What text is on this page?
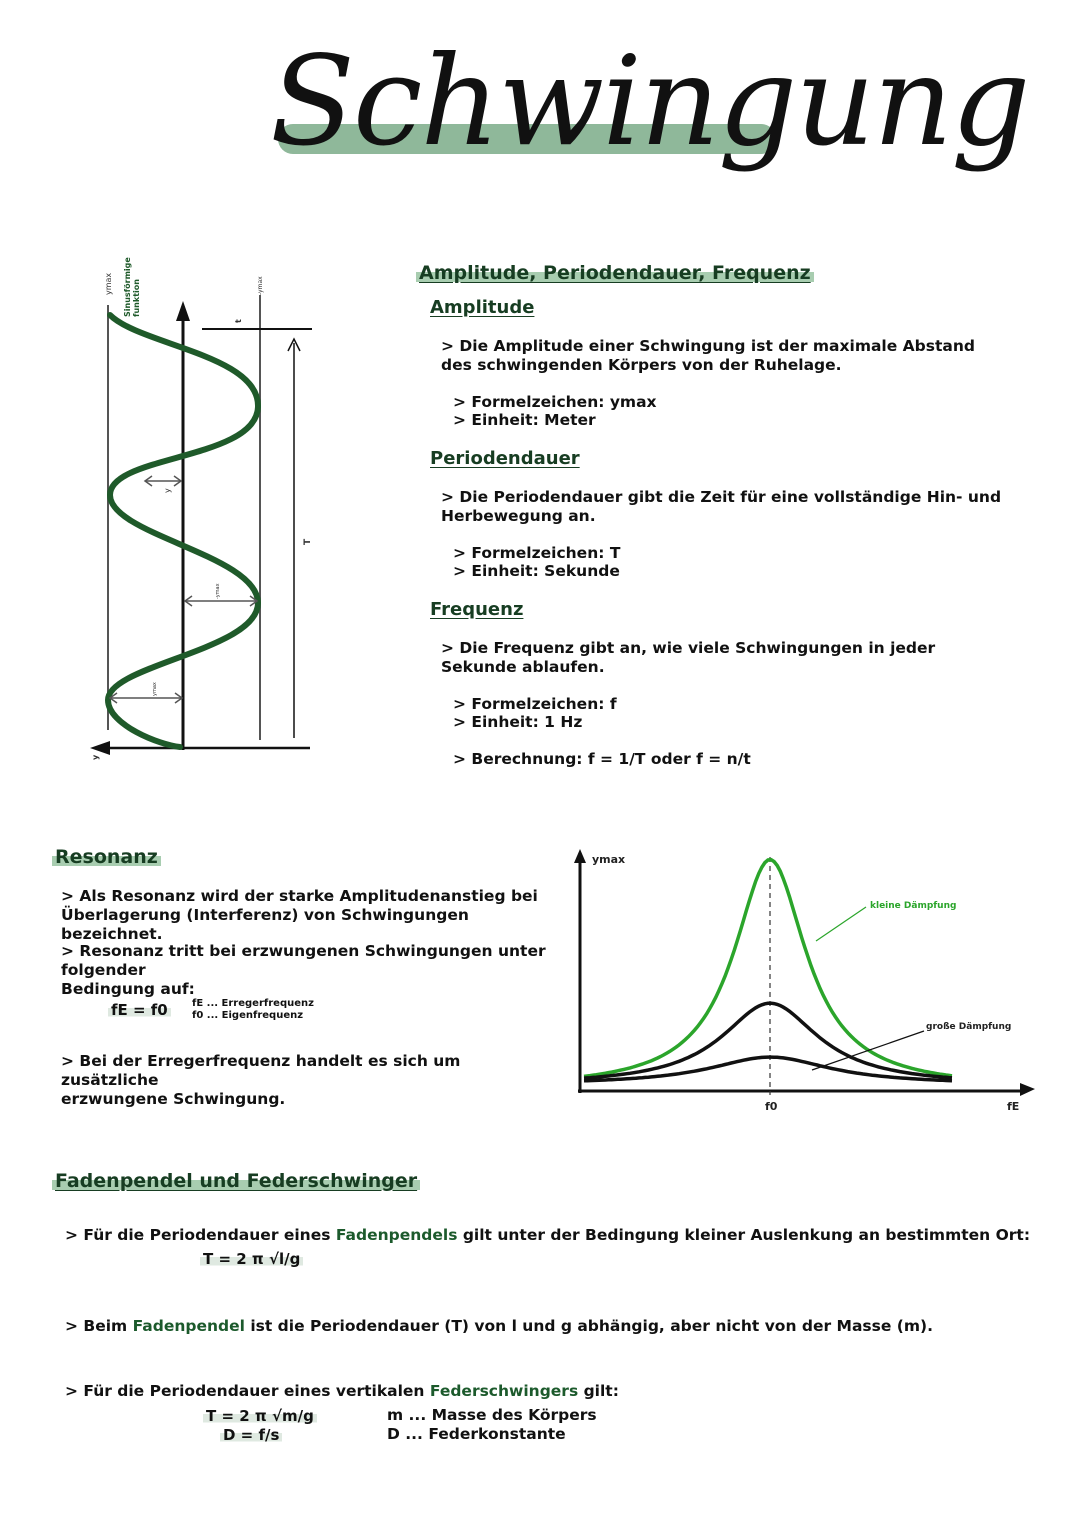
Schwingung
ymax Sinusförmige funktion	-ymax
t
T
y
-ymax
ymax
y
Amplitude, Periodendauer, Frequenz
Amplitude
> Die Amplitude einer Schwingung ist der maximale Abstand
des schwingenden Körpers von der Ruhelage.
> Formelzeichen: ymax
> Einheit: Meter
Periodendauer
> Die Periodendauer gibt die Zeit für eine vollständige Hin- und
Herbewegung an.
> Formelzeichen: T
> Einheit: Sekunde
Frequenz
> Die Frequenz gibt an, wie viele Schwingungen in jeder
Sekunde ablaufen.
> Formelzeichen: f
> Einheit: 1 Hz
> Berechnung: f = 1/T oder f = n/t
Resonanz
> Als Resonanz wird der starke Amplitudenanstieg bei
Überlagerung (Interferenz) von Schwingungen bezeichnet.
> Resonanz tritt bei erzwungenen Schwingungen unter folgender
Bedingung auf:
fE = f0	fE ... Erregerfrequenz
f0 ... Eigenfrequenz
> Bei der Erregerfrequenz handelt es sich um zusätzliche
erzwungene Schwingung.
ymax
f0	fE
kleine Dämpfung
große Dämpfung
Fadenpendel und Federschwinger

> Für die Periodendauer eines Fadenpendels gilt unter der Bedingung kleiner Auslenkung an bestimmten Ort:

T = 2 π √l/g

> Beim Fadenpendel ist die Periodendauer (T) von l und g abhängig, aber nicht von der Masse (m).

> Für die Periodendauer eines vertikalen Federschwingers gilt:

T = 2 π √m/g
D = f/s
m ... Masse des Körpers
D ... Federkonstante
